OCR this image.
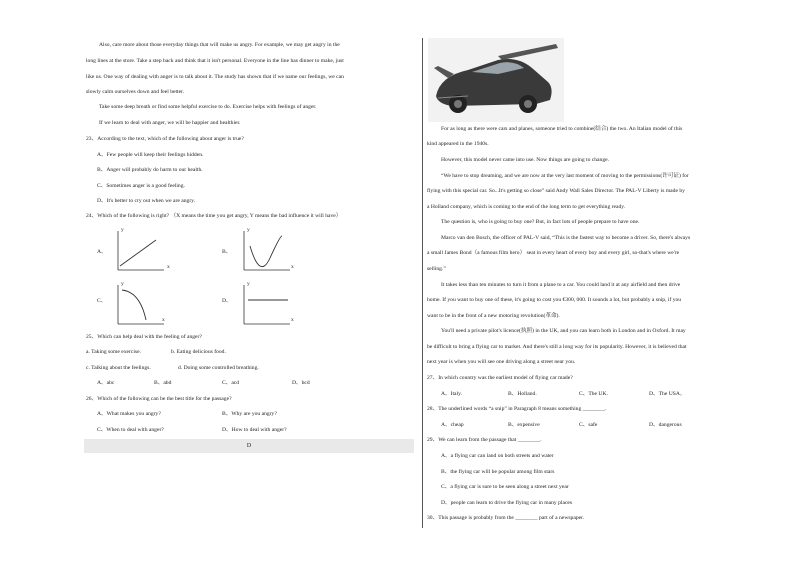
Also, care more about those everyday things that will make us angry. For example, we may get angry in the
long lines at the store. Take a step back and think that it isn't personal. Everyone in the line has dinner to make, just
like us. One way of dealing with anger is to talk about it. The study has shown that if we name our feelings, we can
slowly calm ourselves down and feel better.
Take some deep breath or find some helpful exercise to do. Exercise helps with feelings of anger.
If we learn to deal with anger, we will be happier and healthier.
23、According to the text, which of the following about anger is true?
A、Few people will keep their feelings hidden.
B、Anger will probably do harm to our health.
C、Sometimes anger is a good feeling.
D、It's better to cry out when we are angry.
24、Which of the following is right? （X means the time you get angry, Y means the bad influence it will have）
A、
y
x
B、
y
x
C、
y
x
D、
y
x
25、Which can help deal with the feeling of anger?
a. Taking some exercise.	b. Eating delicious food.
c. Talking about the feelings.	d. Doing some controlled breathing.
A、abc	B、abd	C、acd	D、bcd
26、Which of the following can be the best title for the passage?
A、What makes you angry?	B、Why are you angry?
C、When to deal with anger?	D、How to deal with anger?
D
For as long as there were cars and planes, someone tried to combine(结合) the two. An Italian model of this
kind appeared in the 1940s.
However, this model never came into use. Now things are going to change.
“We have to stop dreaming, and we are now at the very last moment of moving to the permissions(许可证) for
flying with this special car. So...It's getting so close” said Andy Wall Sales Director. The PAL-V Liberty is made by
a Holland company, which is coming to the end of the long term to get everything ready.
The question is, who is going to buy one? But, in fact lots of people prepare to have one.
Marco van den Bosch, the officer of PAL-V said, “This is the fastest way to become a driver. So, there's always
a small James Bond（a famous film hero） seat in every heart of every boy and every girl, so-that's where we're
selling.”
It takes less than ten minutes to turn it from a plane to a car. You could land it at any airfield and then drive
home. If you want to buy one of these, it's going to cost you €300, 000. It sounds a lot, but probably a snip, if you
want to be in the front of a new motoring revolution(革命).
You'll need a private pilot's licence(执照) in the UK, and you can learn both in London and in Oxford. It may
be difficult to bring a flying car to market. And there's still a long way for its popularity. However, it is believed that
next year is when you will see one driving along a street near you.
27、In which country was the earliest model of flying car made?
A、Italy.	B、Holland.	C、The UK.	D、The USA。
28、The underlined words “a snip” in Paragraph 8 means something ________.
A、cheap	B、expensive	C、safe	D、dangerous
29、We can learn from the passage that ________.
A、a flying car can land on both streets and water
B、the flying car will be popular among film stars
C、a flying car is sure to be seen along a street next year
D、people can learn to drive the flying car in many places
30、This passage is probably from the ________ part of a newspaper.
